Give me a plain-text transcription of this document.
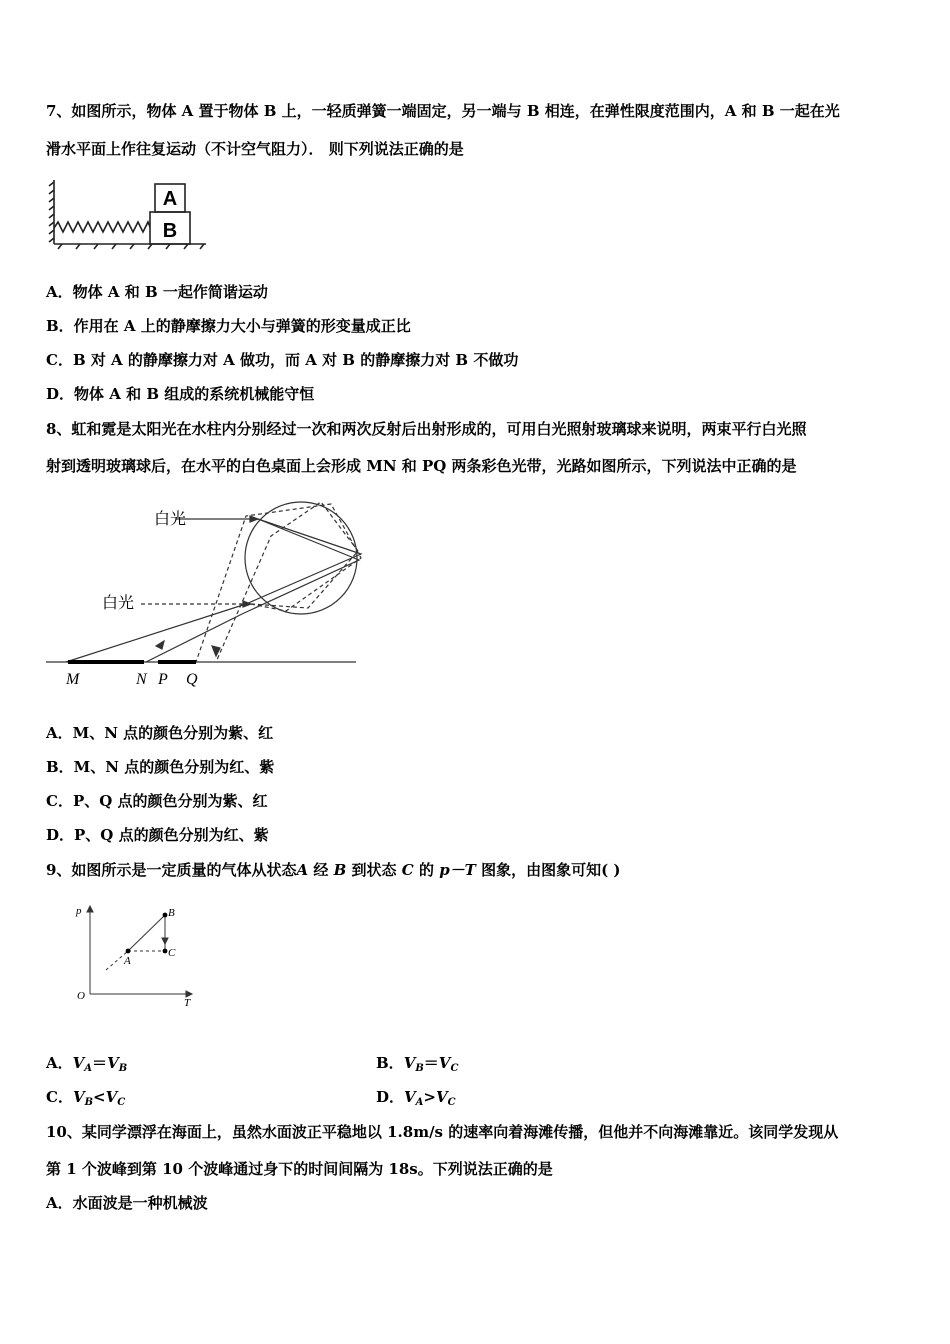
7、如图所示，物体 A 置于物体 B 上，一轻质弹簧一端固定，另一端与 B 相连，在弹性限度范围内，A 和 B 一起在光
滑水平面上作往复运动（不计空气阻力）． 则下列说法正确的是
A
B
A．物体 A 和 B 一起作简谐运动
B．作用在 A 上的静摩擦力大小与弹簧的形变量成正比
C．B 对 A 的静摩擦力对 A 做功，而 A 对 B 的静摩擦力对 B 不做功
D．物体 A 和 B 组成的系统机械能守恒
8、虹和霓是太阳光在水柱内分别经过一次和两次反射后出射形成的，可用白光照射玻璃球来说明，两束平行白光照
射到透明玻璃球后，在水平的白色桌面上会形成 MN 和 PQ 两条彩色光带，光路如图所示，下列说法中正确的是
白光
白光
M	N P Q
A．M、N 点的颜色分别为紫、红
B．M、N 点的颜色分别为红、紫
C．P、Q 点的颜色分别为紫、红
D．P、Q 点的颜色分别为红、紫
9、如图所示是一定质量的气体从状态A 经 B 到状态 C 的 p－T 图象，由图象可知( )
p
T
O
A
B
C
A．$V_A=V_B$	B．$V_B=V_C$
C．$V_B<V_C$	D．$V_A>V_C$
10、某同学漂浮在海面上，虽然水面波正平稳地以 1.8m/s 的速率向着海滩传播，但他并不向海滩靠近。该同学发现从
第 1 个波峰到第 10 个波峰通过身下的时间间隔为 18s。下列说法正确的是
A．水面波是一种机械波
